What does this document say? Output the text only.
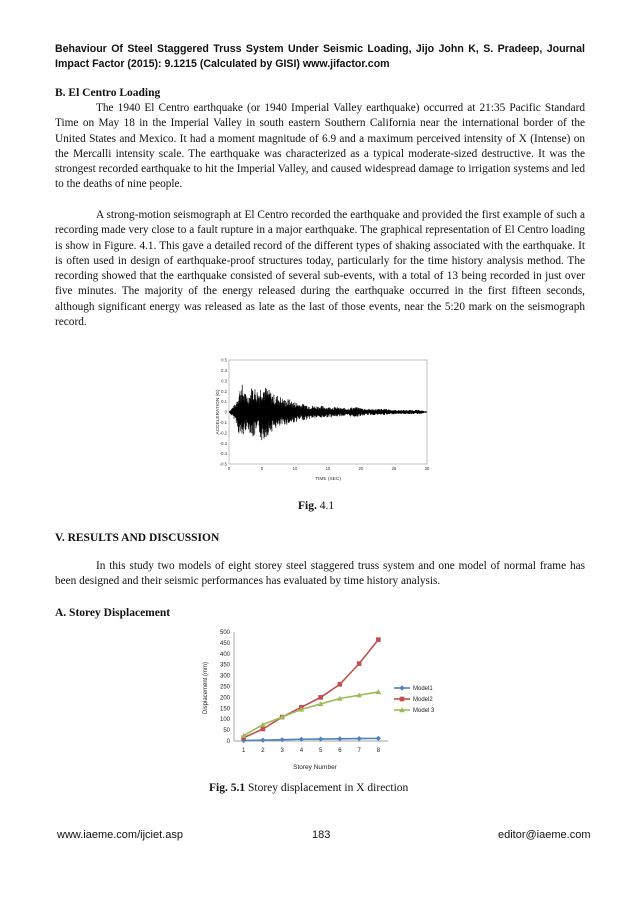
Behaviour Of Steel Staggered Truss System Under Seismic Loading, Jijo John K, S. Pradeep, Journal Impact Factor (2015): 9.1215 (Calculated by GISI) www.jifactor.com
B. El Centro Loading

The 1940 El Centro earthquake (or 1940 Imperial Valley earthquake) occurred at 21:35 Pacific Standard Time on May 18 in the Imperial Valley in south eastern Southern California near the international border of the United States and Mexico. It had a moment magnitude of 6.9 and a maximum perceived intensity of X (Intense) on the Mercalli intensity scale. The earthquake was characterized as a typical moderate-sized destructive. It was the strongest recorded earthquake to hit the Imperial Valley, and caused widespread damage to irrigation systems and led to the deaths of nine people.

A strong-motion seismograph at El Centro recorded the earthquake and provided the first example of such a recording made very close to a fault rupture in a major earthquake. The graphical representation of El Centro loading is show in Figure. 4.1. This gave a detailed record of the different types of shaking associated with the earthquake. It is often used in design of earthquake-proof structures today, particularly for the time history analysis method. The recording showed that the earthquake consisted of several sub-events, with a total of 13 being recorded in just over five minutes. The majority of the energy released during the earthquake occurred in the first fifteen seconds, although significant energy was released as late as the last of those events, near the 5:20 mark on the seismograph record.

0.5
0.4
0.3
0.2
0.1
0
-0.1
-0.2
-0.3
-0.4
-0.5
0	5	10	15	20	25	30
ACCELERATION (G)
TIME (SEC)
Fig. 4.1
V. RESULTS AND DISCUSSION

In this study two models of eight storey steel staggered truss system and one model of normal frame has been designed and their seismic performances has evaluated by time history analysis.

A. Storey Displacement
500
450
400
350
300
250
200
150
100
50
0
1	2	3	4	5	6	7	8
Model1
Model2
Model 3
Displacement (mm)
Storey Number
Fig. 5.1 Storey displacement in X direction
www.iaeme.com/ijciet.asp	183	editor@iaeme.com
